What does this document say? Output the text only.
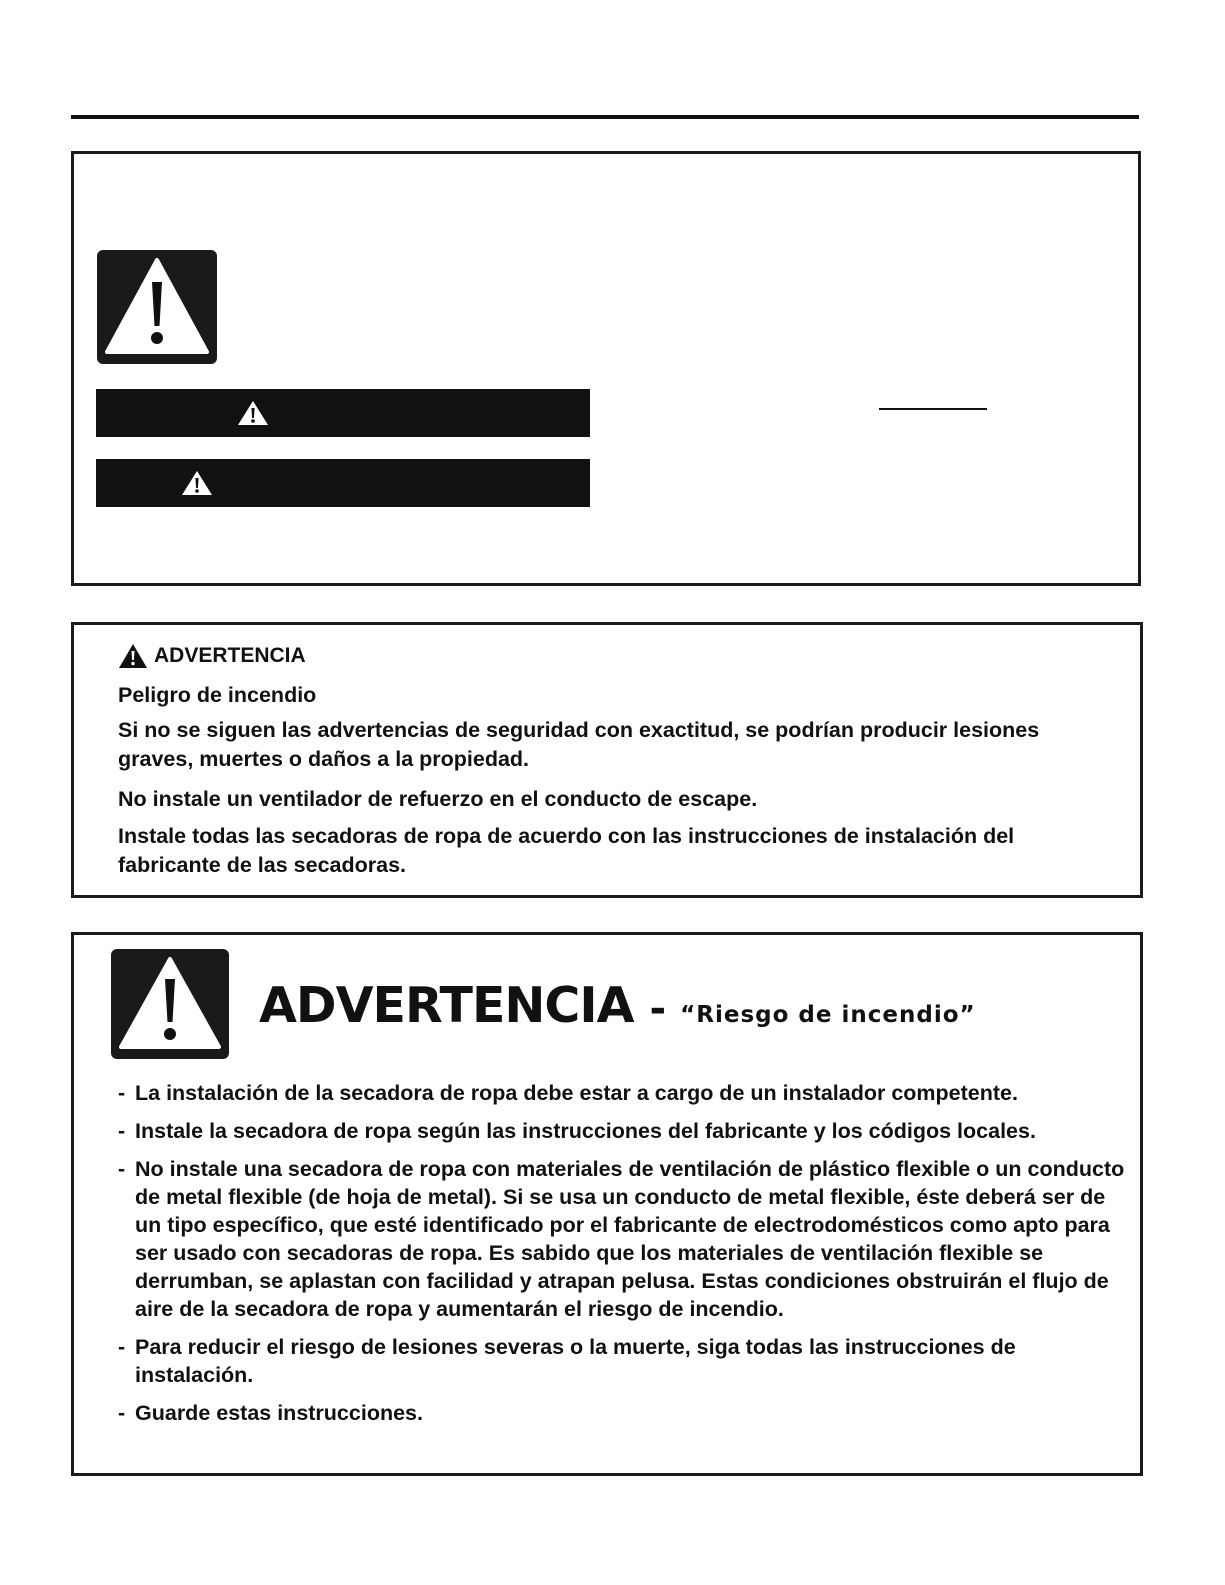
ADVERTENCIA
Peligro de incendio
Si no se siguen las advertencias de seguridad con exactitud, se podrían producir lesiones graves, muertes o daños a la propiedad.
No instale un ventilador de refuerzo en el conducto de escape.
Instale todas las secadoras de ropa de acuerdo con las instrucciones de instalación del fabricante de las secadoras.
ADVERTENCIA - “Riesgo de incendio”
- La instalación de la secadora de ropa debe estar a cargo de un instalador competente.
- Instale la secadora de ropa según las instrucciones del fabricante y los códigos locales.
- No instale una secadora de ropa con materiales de ventilación de plástico flexible o un conducto de metal flexible (de hoja de metal). Si se usa un conducto de metal flexible, éste deberá ser de un tipo específico, que esté identificado por el fabricante de electrodomésticos como apto para ser usado con secadoras de ropa. Es sabido que los materiales de ventilación flexible se derrumban, se aplastan con facilidad y atrapan pelusa. Estas condiciones obstruirán el flujo de aire de la secadora de ropa y aumentarán el riesgo de incendio.
- Para reducir el riesgo de lesiones severas o la muerte, siga todas las instrucciones de instalación.
- Guarde estas instrucciones.
